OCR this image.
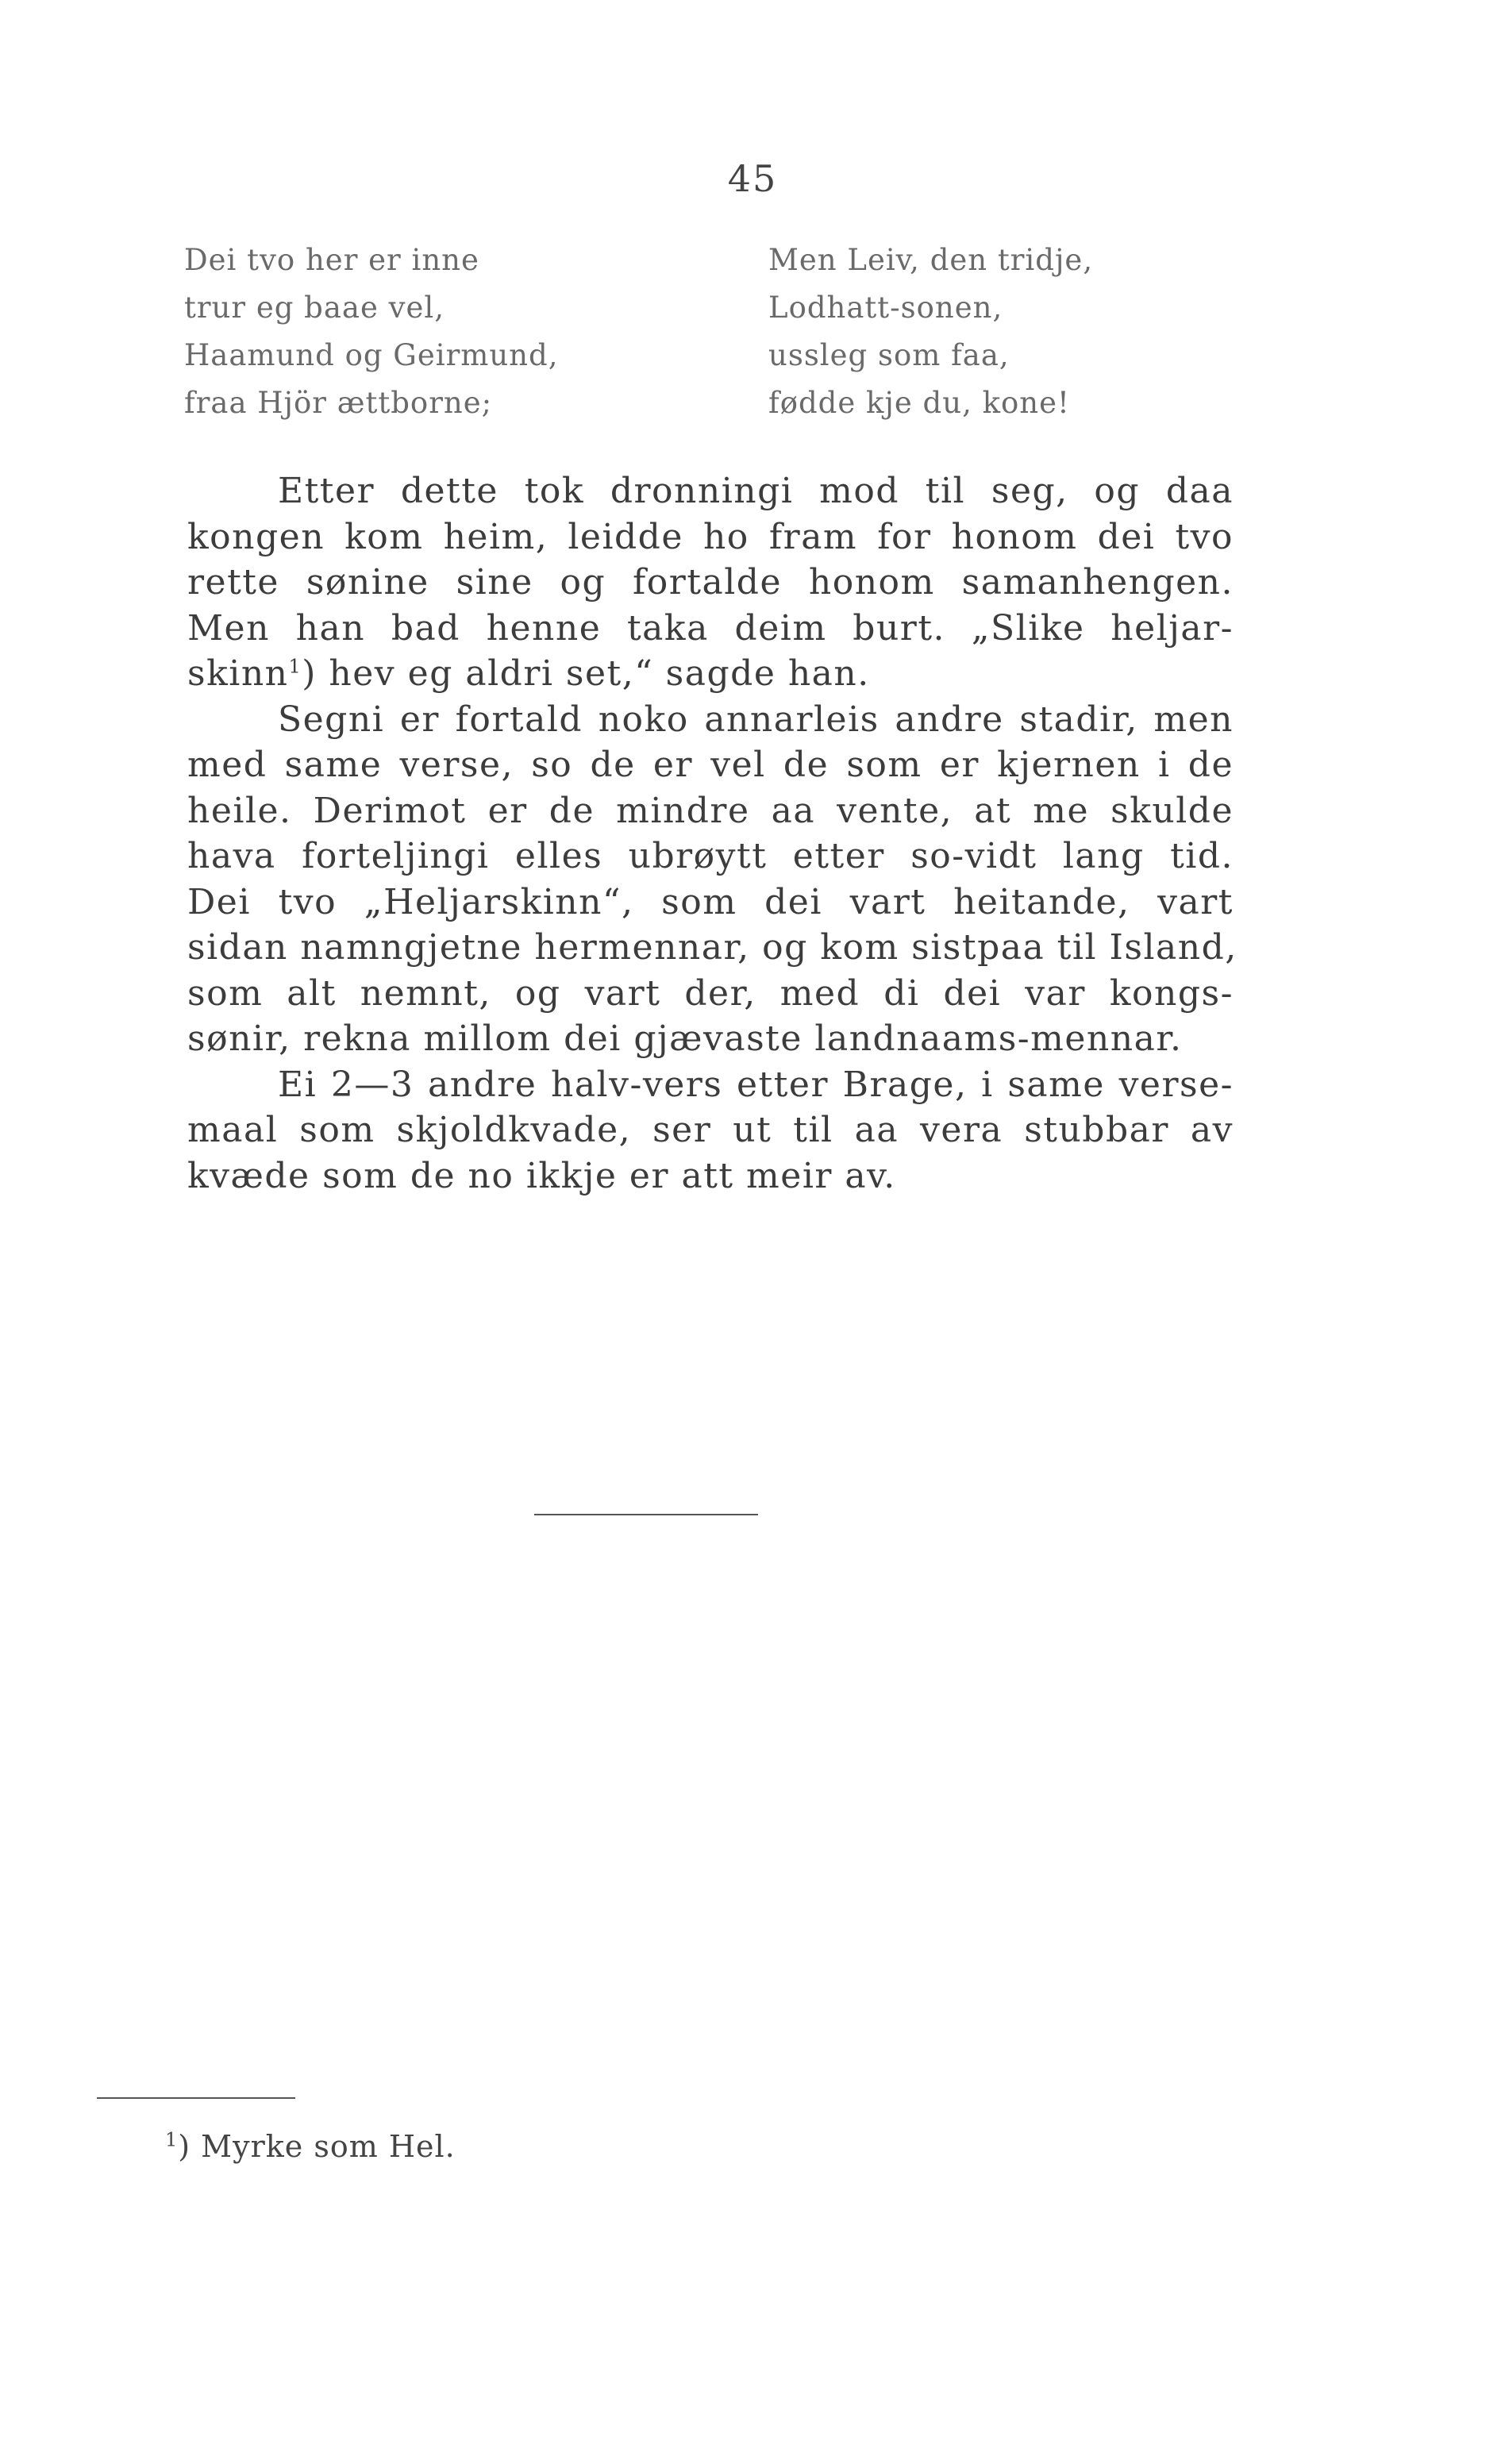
45
Dei tvo her er inne
trur eg baae vel,
Haamund og Geirmund,
fraa Hjör ættborne;
Men Leiv, den tridje,
Lodhatt-sonen,
ussleg som faa,
fødde kje du, kone!
Etter dette tok dronningi mod til seg, og daa
kongen kom heim, leidde ho fram for honom dei tvo
rette sønine sine og fortalde honom samanhengen.
Men han bad henne taka deim burt. „Slike heljar-
skinn$^1$) hev eg aldri set,“ sagde han.
Segni er fortald noko annarleis andre stadir, men
med same verse, so de er vel de som er kjernen i de
heile. Derimot er de mindre aa vente, at me skulde
hava forteljingi elles ubrøytt etter so-vidt lang tid.
Dei tvo „Heljarskinn“, som dei vart heitande, vart
sidan namngjetne hermennar, og kom sistpaa til Island,
som alt nemnt, og vart der, med di dei var kongs-
sønir, rekna millom dei gjævaste landnaams-mennar.
Ei 2—3 andre halv-vers etter Brage, i same verse-
maal som skjoldkvade, ser ut til aa vera stubbar av
kvæde som de no ikkje er att meir av.
$^1$) Myrke som Hel.
